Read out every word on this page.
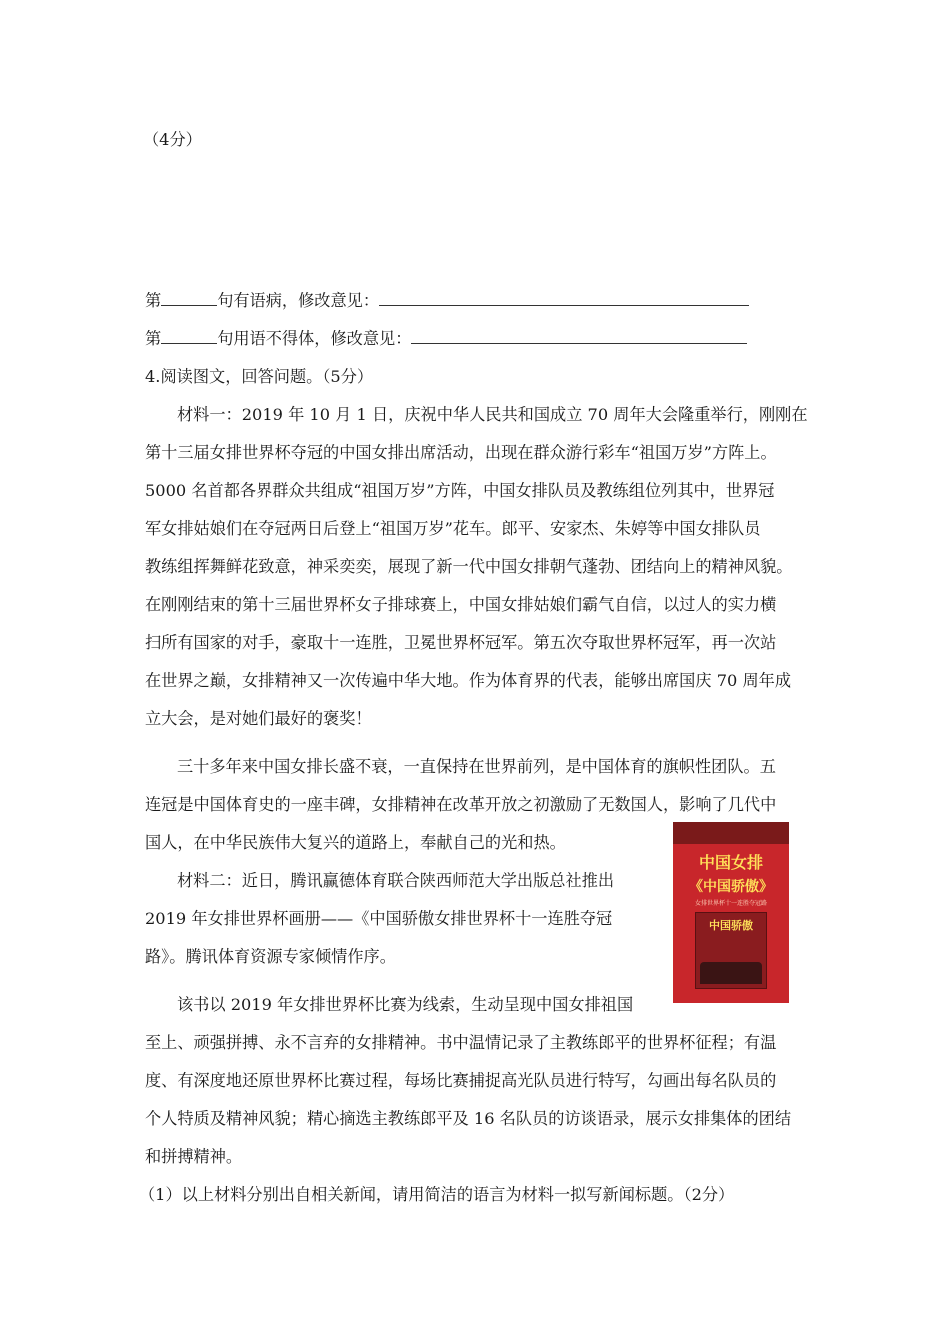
（4分）
第	句有语病，修改意见：
第	句用语不得体，修改意见：
4.阅读图文，回答问题。（5分）
材料一：2019 年 10 月 1 日，庆祝中华人民共和国成立 70 周年大会隆重举行，刚刚在
第十三届女排世界杯夺冠的中国女排出席活动，出现在群众游行彩车“祖国万岁”方阵上。
5000 名首都各界群众共组成“祖国万岁”方阵，中国女排队员及教练组位列其中，世界冠
军女排姑娘们在夺冠两日后登上“祖国万岁”花车。郎平、安家杰、朱婷等中国女排队员
教练组挥舞鲜花致意，神采奕奕，展现了新一代中国女排朝气蓬勃、团结向上的精神风貌。
在刚刚结束的第十三届世界杯女子排球赛上，中国女排姑娘们霸气自信，以过人的实力横
扫所有国家的对手，豪取十一连胜，卫冕世界杯冠军。第五次夺取世界杯冠军，再一次站
在世界之巅，女排精神又一次传遍中华大地。作为体育界的代表，能够出席国庆 70 周年成
立大会，是对她们最好的褒奖！
三十多年来中国女排长盛不衰，一直保持在世界前列，是中国体育的旗帜性团队。五
连冠是中国体育史的一座丰碑，女排精神在改革开放之初激励了无数国人，影响了几代中
国人，在中华民族伟大复兴的道路上，奉献自己的光和热。
材料二：近日，腾讯赢德体育联合陕西师范大学出版总社推出
2019 年女排世界杯画册——《中国骄傲女排世界杯十一连胜夺冠
路》。腾讯体育资源专家倾情作序。
该书以 2019 年女排世界杯比赛为线索，生动呈现中国女排祖国
至上、顽强拼搏、永不言弃的女排精神。书中温情记录了主教练郎平的世界杯征程；有温
度、有深度地还原世界杯比赛过程，每场比赛捕捉高光队员进行特写，勾画出每名队员的
个人特质及精神风貌；精心摘选主教练郎平及 16 名队员的访谈语录，展示女排集体的团结
和拼搏精神。
（1）以上材料分别出自相关新闻，请用简洁的语言为材料一拟写新闻标题。（2分）
中国女排
《中国骄傲》
女排世界杯十一连胜夺冠路
中国骄傲
